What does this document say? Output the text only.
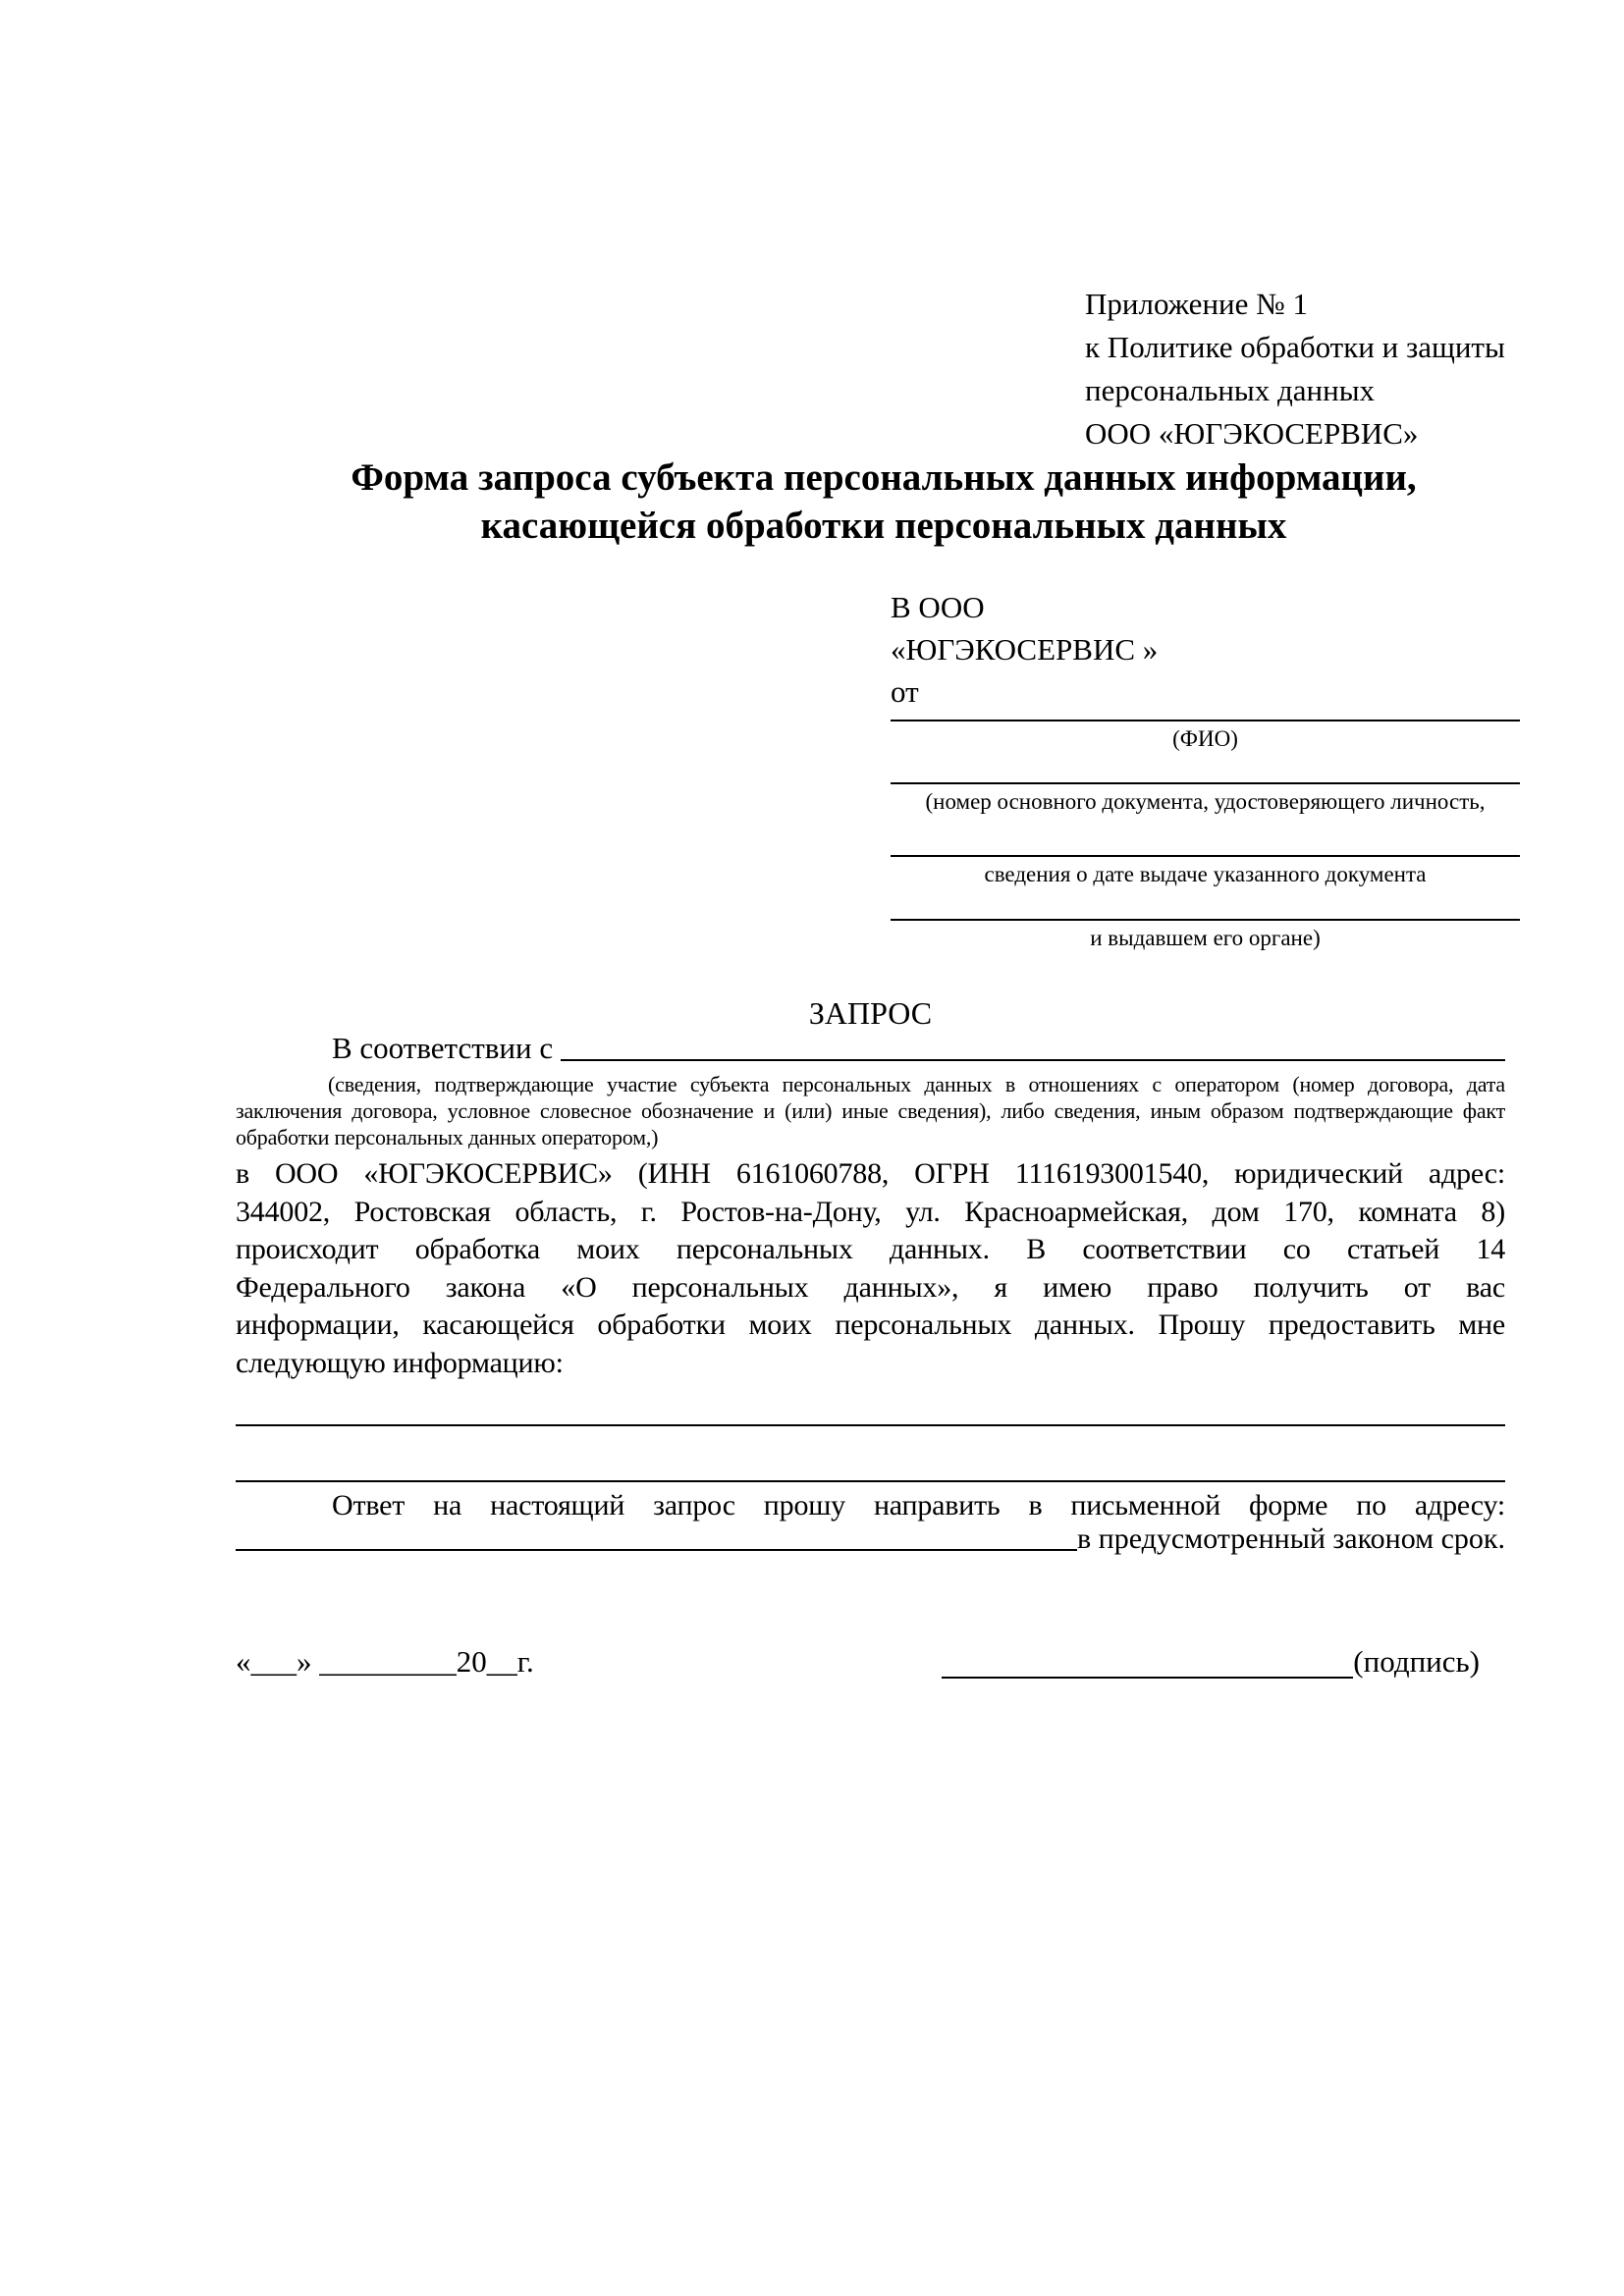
Приложение № 1
к Политике обработки и защиты
персональных данных
ООО «ЮГЭКОСЕРВИС»
Форма запроса субъекта персональных данных информации,
касающейся обработки персональных данных
В ООО
«ЮГЭКОСЕРВИС »
от
(ФИО)
(номер основного документа, удостоверяющего личность,
сведения о дате выдаче указанного документа
и выдавшем его органе)
ЗАПРОС
В соответствии с
(сведения, подтверждающие участие субъекта персональных данных в отношениях с оператором (номер договора, дата
заключения договора, условное словесное обозначение и (или) иные сведения), либо сведения, иным образом подтверждающие факт
обработки персональных данных оператором,)
в ООО «ЮГЭКОСЕРВИС» (ИНН 6161060788, ОГРН 1116193001540, юридический адрес:
344002, Ростовская область, г. Ростов-на-Дону, ул. Красноармейская, дом 170, комната 8)
происходит обработка моих персональных данных. В соответствии со статьей 14
Федерального закона «О персональных данных», я имею право получить от вас
информации, касающейся обработки моих персональных данных. Прошу предоставить мне
следующую информацию:
Ответ на настоящий запрос прошу направить в письменной форме по адресу:
в предусмотренный законом срок.
«___» _________20__г.	(подпись)
